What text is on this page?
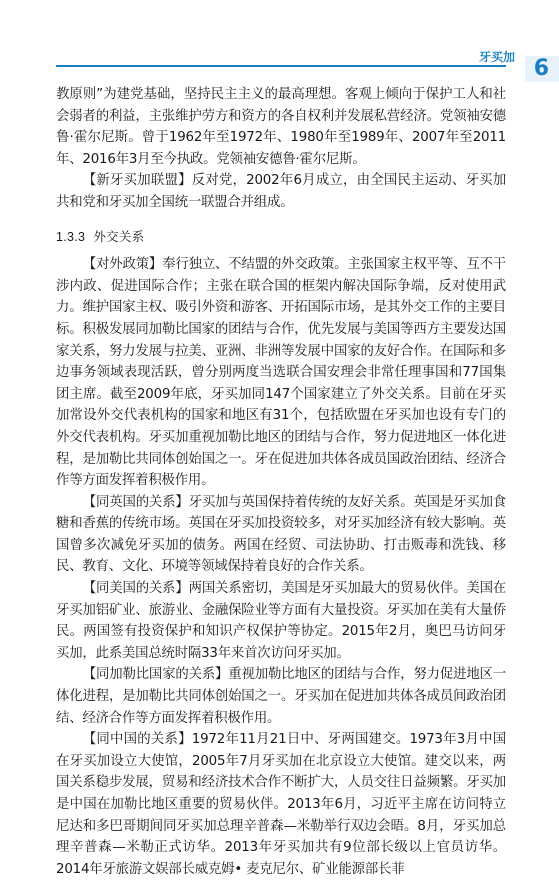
牙买加 6

教原则”为建党基础，坚持民主主义的最高理想。客观上倾向于保护工人和社会弱者的利益，主张维护劳方和资方的各自权利并发展私营经济。党领袖安德鲁·霍尔尼斯。曾于1962年至1972年、1980年至1989年、2007年至2011年、2016年3月至今执政。党领袖安德鲁·霍尔尼斯。

【新牙买加联盟】反对党，2002年6月成立，由全国民主运动、牙买加共和党和牙买加全国统一联盟合并组成。

1.3.3 外交关系

【对外政策】奉行独立、不结盟的外交政策。主张国家主权平等、互不干涉内政、促进国际合作；主张在联合国的框架内解决国际争端，反对使用武力。维护国家主权、吸引外资和游客、开拓国际市场，是其外交工作的主要目标。积极发展同加勒比国家的团结与合作，优先发展与美国等西方主要发达国家关系，努力发展与拉美、亚洲、非洲等发展中国家的友好合作。在国际和多边事务领域表现活跃，曾分别两度当选联合国安理会非常任理事国和77国集团主席。截至2009年底，牙买加同147个国家建立了外交关系。目前在牙买加常设外交代表机构的国家和地区有31个，包括欧盟在牙买加也设有专门的外交代表机构。牙买加重视加勒比地区的团结与合作，努力促进地区一体化进程，是加勒比共同体创始国之一。牙在促进加共体各成员国政治团结、经济合作等方面发挥着积极作用。

【同英国的关系】牙买加与英国保持着传统的友好关系。英国是牙买加食糖和香蕉的传统市场。英国在牙买加投资较多，对牙买加经济有较大影响。英国曾多次减免牙买加的债务。两国在经贸、司法协助、打击贩毒和洗钱、移民、教育、文化、环境等领域保持着良好的合作关系。

【同美国的关系】两国关系密切，美国是牙买加最大的贸易伙伴。美国在牙买加铝矿业、旅游业、金融保险业等方面有大量投资。牙买加在美有大量侨民。两国签有投资保护和知识产权保护等协定。2015年2月，奥巴马访问牙买加，此系美国总统时隔33年来首次访问牙买加。

【同加勒比国家的关系】重视加勒比地区的团结与合作，努力促进地区一体化进程，是加勒比共同体创始国之一。牙买加在促进加共体各成员间政治团结、经济合作等方面发挥着积极作用。

【同中国的关系】1972年11月21日中、牙两国建交。1973年3月中国在牙买加设立大使馆，2005年7月牙买加在北京设立大使馆。建交以来，两国关系稳步发展，贸易和经济技术合作不断扩大，人员交往日益频繁。牙买加是中国在加勒比地区重要的贸易伙伴。2013年6月，习近平主席在访问特立尼达和多巴哥期间同牙买加总理辛普森—米勒举行双边会晤。8月，牙买加总理辛普森—米勒正式访华。2013年牙买加共有9位部长级以上官员访华。2014年牙旅游文娱部长威克姆• 麦克尼尔、矿业能源部长菲
